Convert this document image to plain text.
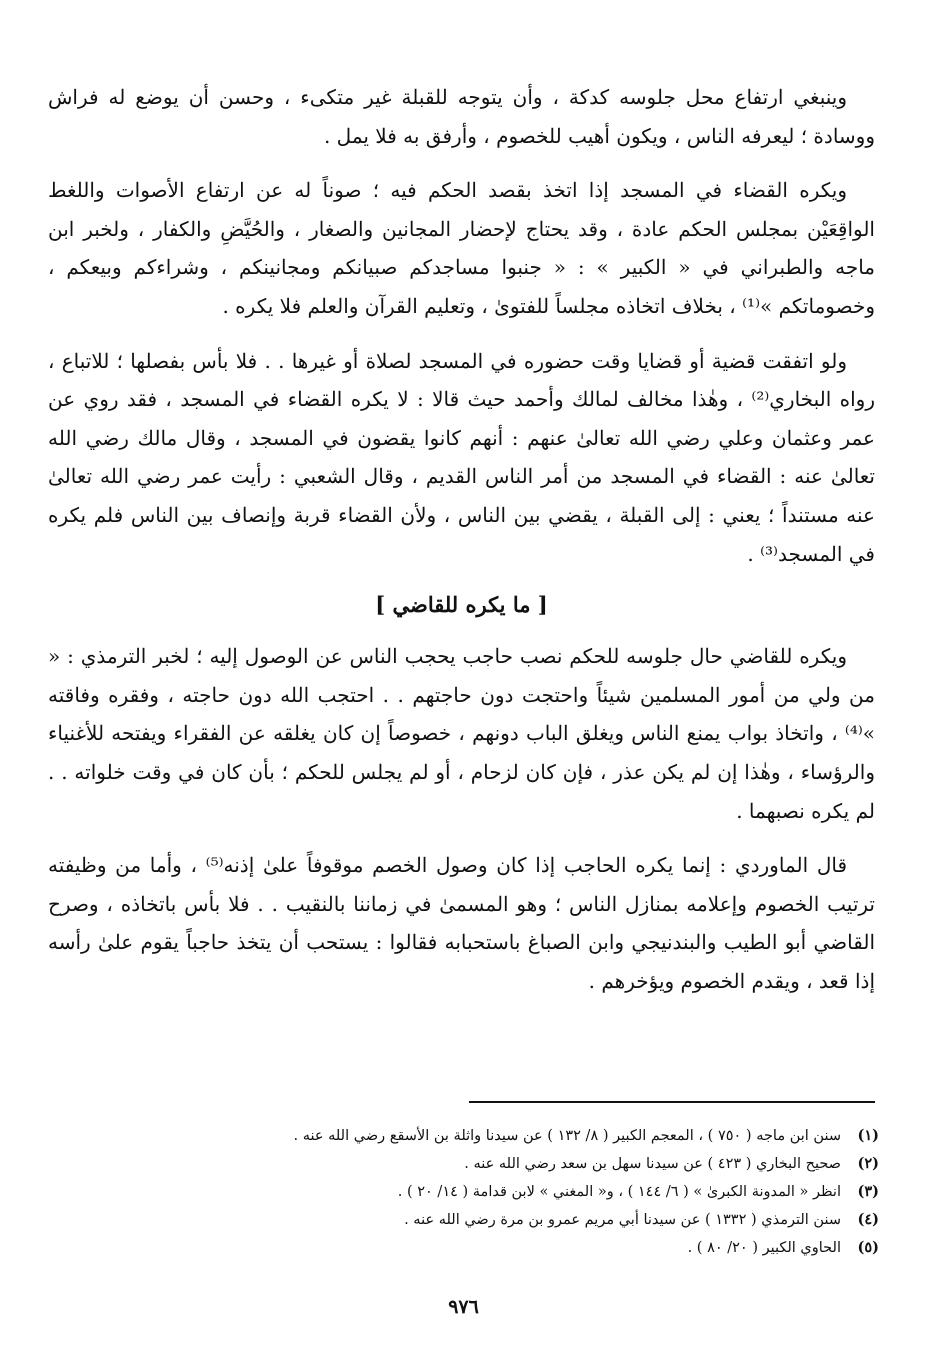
وينبغي ارتفاع محل جلوسه كدكة ، وأن يتوجه للقبلة غير متكىء ، وحسن أن يوضع له فراش ووسادة ؛ ليعرفه الناس ، ويكون أهيب للخصوم ، وأرفق به فلا يمل .

ويكره القضاء في المسجد إذا اتخذ بقصد الحكم فيه ؛ صوناً له عن ارتفاع الأصوات واللغط الواقِعَيْن بمجلس الحكم عادة ، وقد يحتاج لإحضار المجانين والصغار ، والحُيَّضِ والكفار ، ولخبر ابن ماجه والطبراني في « الكبير » : « جنبوا مساجدكم صبيانكم ومجانينكم ، وشراءكم وبيعكم ، وخصوماتكم »⁽¹⁾ ، بخلاف اتخاذه مجلساً للفتوىٰ ، وتعليم القرآن والعلم فلا يكره .

ولو اتفقت قضية أو قضايا وقت حضوره في المسجد لصلاة أو غيرها . . فلا بأس بفصلها ؛ للاتباع ، رواه البخاري⁽²⁾ ، وهٰذا مخالف لمالك وأحمد حيث قالا : لا يكره القضاء في المسجد ، فقد روي عن عمر وعثمان وعلي رضي الله تعالىٰ عنهم : أنهم كانوا يقضون في المسجد ، وقال مالك رضي الله تعالىٰ عنه : القضاء في المسجد من أمر الناس القديم ، وقال الشعبي : رأيت عمر رضي الله تعالىٰ عنه مستنداً ؛ يعني : إلى القبلة ، يقضي بين الناس ، ولأن القضاء قربة وإنصاف بين الناس فلم يكره في المسجد⁽³⁾ .

[ ما يكره للقاضي ]

ويكره للقاضي حال جلوسه للحكم نصب حاجب يحجب الناس عن الوصول إليه ؛ لخبر الترمذي : « من ولي من أمور المسلمين شيئاً واحتجت دون حاجتهم . . احتجب الله دون حاجته ، وفقره وفاقته »⁽⁴⁾ ، واتخاذ بواب يمنع الناس ويغلق الباب دونهم ، خصوصاً إن كان يغلقه عن الفقراء ويفتحه للأغنياء والرؤساء ، وهٰذا إن لم يكن عذر ، فإن كان لزحام ، أو لم يجلس للحكم ؛ بأن كان في وقت خلواته . . لم يكره نصبهما .

قال الماوردي : إنما يكره الحاجب إذا كان وصول الخصم موقوفاً علىٰ إذنه⁽⁵⁾ ، وأما من وظيفته ترتيب الخصوم وإعلامه بمنازل الناس ؛ وهو المسمىٰ في زماننا بالنقيب . . فلا بأس باتخاذه ، وصرح القاضي أبو الطيب والبندنيجي وابن الصباغ باستحبابه فقالوا : يستحب أن يتخذ حاجباً يقوم علىٰ رأسه إذا قعد ، ويقدم الخصوم ويؤخرهم .

(١)
سنن ابن ماجه ( ٧٥٠ ) ، المعجم الكبير ( ٨/ ١٣٢ ) عن سيدنا واثلة بن الأسقع رضي الله عنه .
(٢)
صحيح البخاري ( ٤٢٣ ) عن سيدنا سهل بن سعد رضي الله عنه .
(٣)
انظر « المدونة الكبرىٰ » ( ٦/ ١٤٤ ) ، و« المغني » لابن قدامة ( ١٤/ ٢٠ ) .
(٤)
سنن الترمذي ( ١٣٣٢ ) عن سيدنا أبي مريم عمرو بن مرة رضي الله عنه .
(٥)
الحاوي الكبير ( ٢٠/ ٨٠ ) .
٩٧٦
